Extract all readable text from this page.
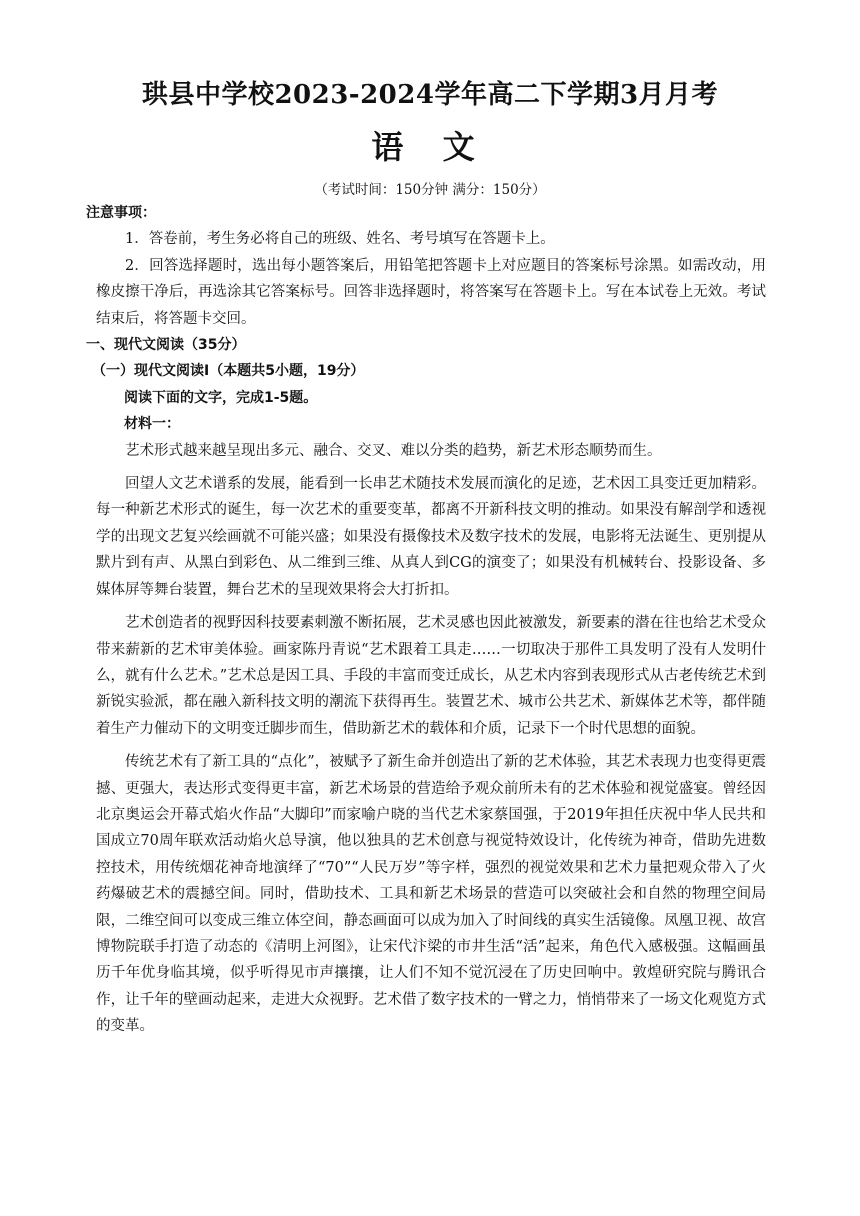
珙县中学校2023-2024学年高二下学期3月月考
语 文
（考试时间：150分钟 满分：150分）

注意事项：

1．答卷前，考生务必将自己的班级、姓名、考号填写在答题卡上。

2．回答选择题时，选出每小题答案后，用铅笔把答题卡上对应题目的答案标号涂黑。如需改动，用橡皮擦干净后，再选涂其它答案标号。回答非选择题时，将答案写在答题卡上。写在本试卷上无效。考试结束后，将答题卡交回。

一、现代文阅读（35分）

（一）现代文阅读Ⅰ（本题共5小题，19分）

阅读下面的文字，完成1-5题。

材料一：

艺术形式越来越呈现出多元、融合、交叉、难以分类的趋势，新艺术形态顺势而生。

回望人文艺术谱系的发展，能看到一长串艺术随技术发展而演化的足迹，艺术因工具变迁更加精彩。每一种新艺术形式的诞生，每一次艺术的重要变革，都离不开新科技文明的推动。如果没有解剖学和透视学的出现文艺复兴绘画就不可能兴盛；如果没有摄像技术及数字技术的发展，电影将无法诞生、更别提从默片到有声、从黑白到彩色、从二维到三维、从真人到CG的演变了；如果没有机械转台、投影设备、多媒体屏等舞台装置，舞台艺术的呈现效果将会大打折扣。

艺术创造者的视野因科技要素刺激不断拓展，艺术灵感也因此被激发，新要素的潜在往也给艺术受众带来薪新的艺术审美体验。画家陈丹青说“艺术跟着工具走……一切取决于那件工具发明了没有人发明什么，就有什么艺术。”艺术总是因工具、手段的丰富而变迁成长，从艺术内容到表现形式从古老传统艺术到新锐实验派，都在融入新科技文明的潮流下获得再生。装置艺术、城市公共艺术、新媒体艺术等，都伴随着生产力催动下的文明变迁脚步而生，借助新艺术的载体和介质，记录下一个时代思想的面貌。

传统艺术有了新工具的“点化”，被赋予了新生命并创造出了新的艺术体验，其艺术表现力也变得更震撼、更强大，表达形式变得更丰富，新艺术场景的营造给予观众前所未有的艺术体验和视觉盛宴。曾经因北京奥运会开幕式焰火作品“大脚印”而家喻户晓的当代艺术家蔡国强，于2019年担任庆祝中华人民共和国成立70周年联欢活动焰火总导演，他以独具的艺术创意与视觉特效设计，化传统为神奇，借助先进数控技术，用传统烟花神奇地演绎了“70”“人民万岁”等字样，强烈的视觉效果和艺术力量把观众带入了火药爆破艺术的震撼空间。同时，借助技术、工具和新艺术场景的营造可以突破社会和自然的物理空间局限，二维空间可以变成三维立体空间，静态画面可以成为加入了时间线的真实生活镜像。凤凰卫视、故宫博物院联手打造了动态的《清明上河图》，让宋代汴梁的市井生活“活”起来，角色代入感极强。这幅画虽历千年优身临其境，似乎听得见市声攘攘，让人们不知不觉沉浸在了历史回响中。敦煌研究院与腾讯合作，让千年的壁画动起来，走进大众视野。艺术借了数字技术的一臂之力，悄悄带来了一场文化观览方式的变革。
